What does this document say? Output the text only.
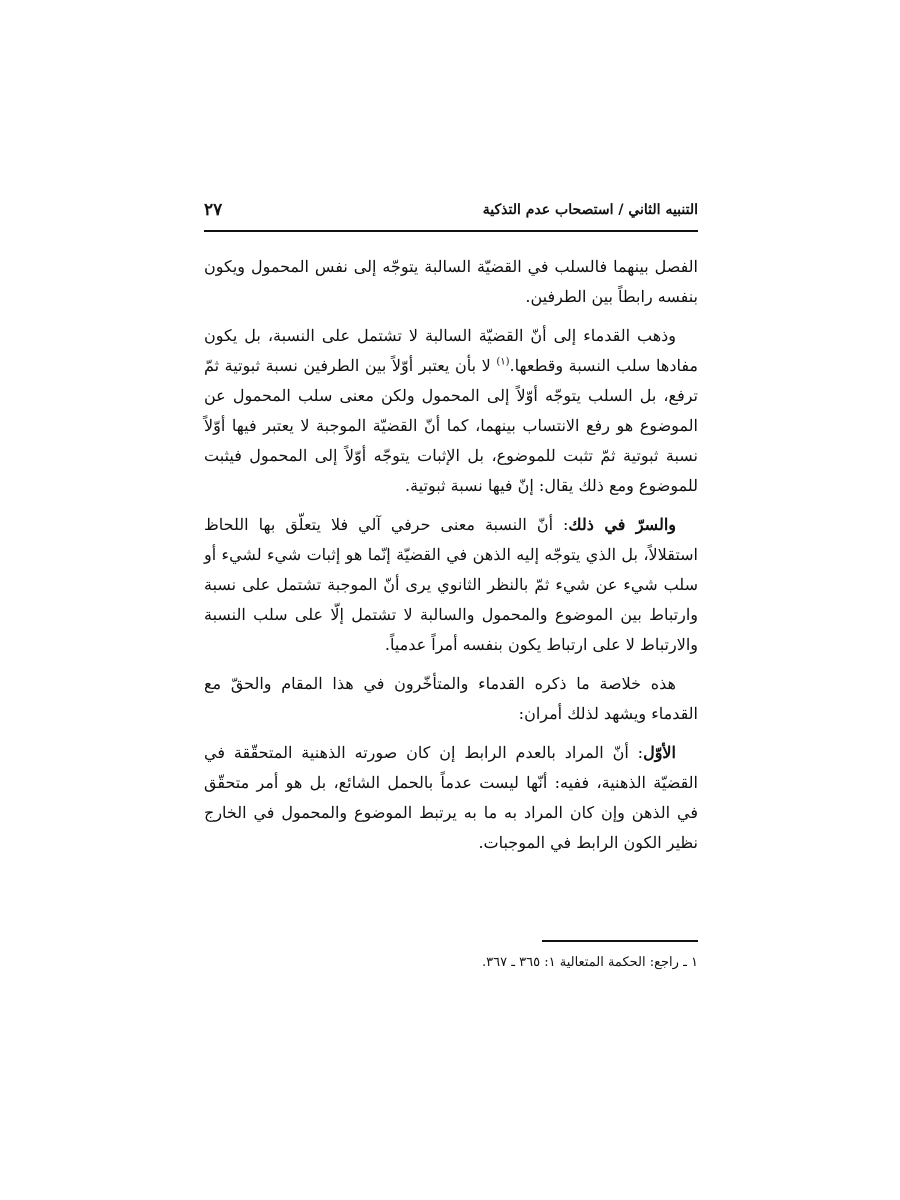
التنبيه الثاني / استصحاب عدم التذكية
٢٧

الفصل بينهما فالسلب في القضيّة السالبة يتوجّه إلى نفس المحمول ويكون بنفسه رابطاً بين الطرفين.

وذهب القدماء إلى أنّ القضيّة السالبة لا تشتمل على النسبة، بل يكون مفادها سلب النسبة وقطعها.$^{(١)}$ لا بأن يعتبر أوّلاً بين الطرفين نسبة ثبوتية ثمّ ترفع، بل السلب يتوجّه أوّلاً إلى المحمول ولكن معنى سلب المحمول عن الموضوع هو رفع الانتساب بينهما، كما أنّ القضيّة الموجبة لا يعتبر فيها أوّلاً نسبة ثبوتية ثمّ تثبت للموضوع، بل الإثبات يتوجّه أوّلاً إلى المحمول فيثبت للموضوع ومع ذلك يقال: إنّ فيها نسبة ثبوتية.

والسرّ في ذلك: أنّ النسبة معنى حرفي آلي فلا يتعلّق بها اللحاظ استقلالاً، بل الذي يتوجّه إليه الذهن في القضيّة إنّما هو إثبات شيء لشيء أو سلب شيء عن شيء ثمّ بالنظر الثانوي يرى أنّ الموجبة تشتمل على نسبة وارتباط بين الموضوع والمحمول والسالبة لا تشتمل إلّا على سلب النسبة والارتباط لا على ارتباط يكون بنفسه أمراً عدمياً.

هذه خلاصة ما ذكره القدماء والمتأخّرون في هذا المقام والحقّ مع القدماء ويشهد لذلك أمران:

الأوّل: أنّ المراد بالعدم الرابط إن كان صورته الذهنية المتحقّقة في القضيّة الذهنية، ففيه: أنّها ليست عدماً بالحمل الشائع، بل هو أمر متحقّق في الذهن وإن كان المراد به ما به يرتبط الموضوع والمحمول في الخارج نظير الكون الرابط في الموجبات.

١ ـ راجع: الحكمة المتعالية ١: ٣٦٥ ـ ٣٦٧.
